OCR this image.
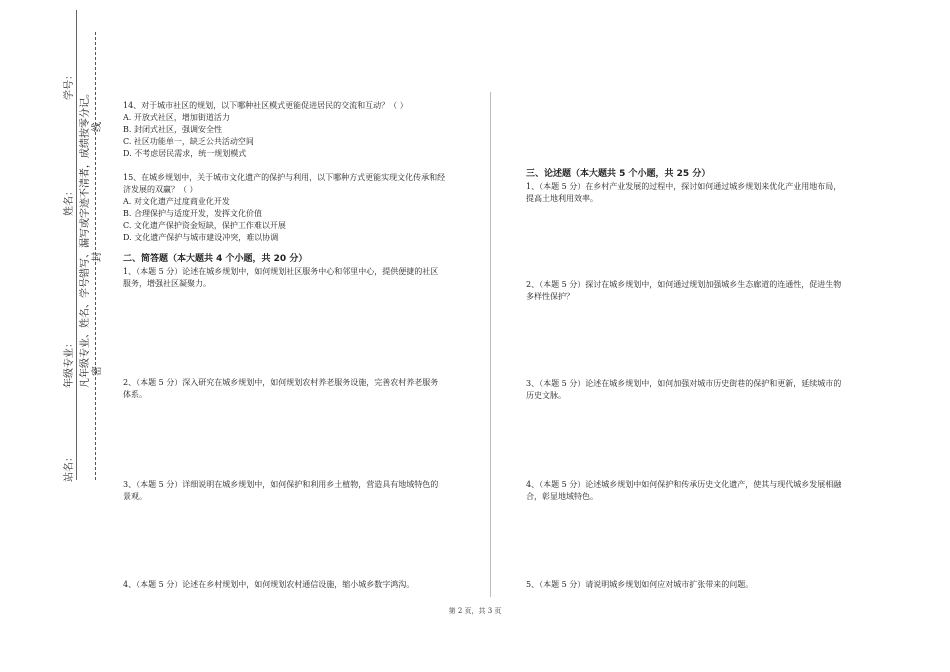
学号：
姓名：
年级专业：
站名：
凡年级专业、姓名、学号错写、漏写或字迹不清者，成绩按零分记。 密
封
线

14、对于城市社区的规划，以下哪种社区模式更能促进居民的交流和互动？（ ）

A. 开放式社区，增加街道活力

B. 封闭式社区，强调安全性

C. 社区功能单一，缺乏公共活动空间

D. 不考虑居民需求，统一规划模式

15、在城乡规划中，关于城市文化遗产的保护与利用，以下哪种方式更能实现文化传承和经

济发展的双赢？（ ）

A. 对文化遗产过度商业化开发

B. 合理保护与适度开发，发挥文化价值

C. 文化遗产保护资金短缺，保护工作难以开展

D. 文化遗产保护与城市建设冲突，难以协调

二、简答题（本大题共 4 个小题，共 20 分）

1、（本题 5 分）论述在城乡规划中，如何规划社区服务中心和邻里中心，提供便捷的社区

服务，增强社区凝聚力。

2、（本题 5 分）深入研究在城乡规划中，如何规划农村养老服务设施，完善农村养老服务

体系。

3、（本题 5 分）详细说明在城乡规划中，如何保护和利用乡土植物，营造具有地域特色的

景观。

4、（本题 5 分）论述在乡村规划中，如何规划农村通信设施，缩小城乡数字鸿沟。

三、论述题（本大题共 5 个小题，共 25 分）

1、（本题 5 分）在乡村产业发展的过程中，探讨如何通过城乡规划来优化产业用地布局，

提高土地利用效率。

2、（本题 5 分）探讨在城乡规划中，如何通过规划加强城乡生态廊道的连通性，促进生物

多样性保护？

3、（本题 5 分）论述在城乡规划中，如何加强对城市历史街巷的保护和更新，延续城市的

历史文脉。

4、（本题 5 分）论述城乡规划中如何保护和传承历史文化遗产，使其与现代城乡发展相融

合，彰显地域特色。

5、（本题 5 分）请说明城乡规划如何应对城市扩张带来的问题。

第 2 页，共 3 页
